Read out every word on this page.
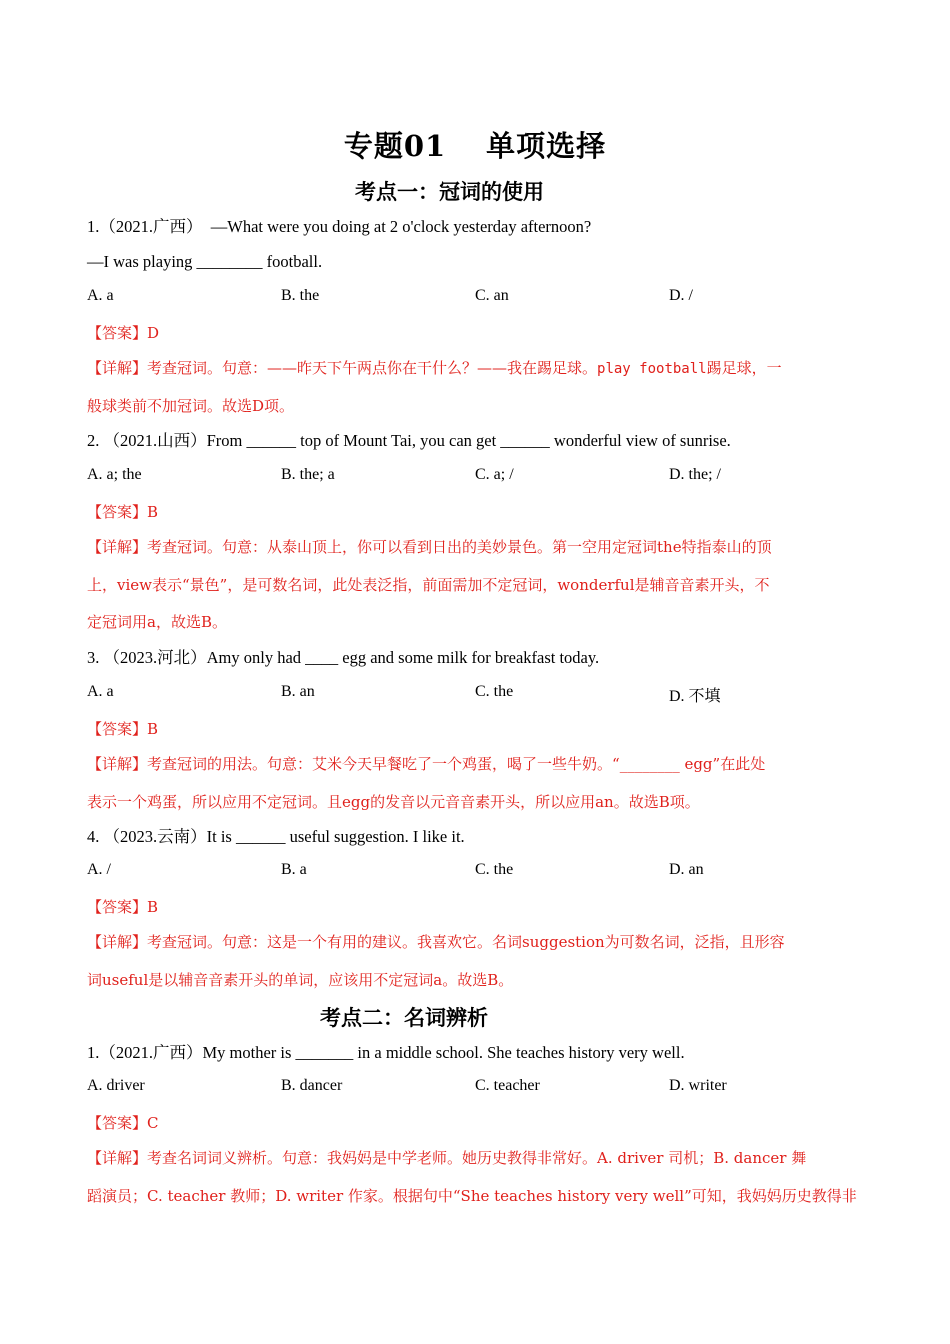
专题01 单项选择
考点一：冠词的使用
1.（2021.广西） —What were you doing at 2 o'clock yesterday afternoon?
—I was playing ________ football.
A. a	B. the	C. an	D. /
【答案】D
【详解】考查冠词。句意：——昨天下午两点你在干什么？——我在踢足球。play football踢足球，一
般球类前不加冠词。故选D项。
2. （2021.山西）From ______ top of Mount Tai, you can get ______ wonderful view of sunrise.
A. a; the	B. the; a	C. a; /	D. the; /
【答案】B
【详解】考查冠词。句意：从泰山顶上，你可以看到日出的美妙景色。第一空用定冠词the特指泰山的顶
上，view表示“景色”，是可数名词，此处表泛指，前面需加不定冠词，wonderful是辅音音素开头，不
定冠词用a，故选B。
3. （2023.河北）Amy only had ____ egg and some milk for breakfast today.
A. a	B. an	C. the	D. 不填
【答案】B
【详解】考查冠词的用法。句意：艾米今天早餐吃了一个鸡蛋，喝了一些牛奶。“________ egg”在此处
表示一个鸡蛋，所以应用不定冠词。且egg的发音以元音音素开头，所以应用an。故选B项。
4. （2023.云南）It is ______ useful suggestion. I like it.
A. /	B. a	C. the	D. an
【答案】B
【详解】考查冠词。句意：这是一个有用的建议。我喜欢它。名词suggestion为可数名词，泛指，且形容
词useful是以辅音音素开头的单词，应该用不定冠词a。故选B。
考点二：名词辨析
1.（2021.广西）My mother is _______ in a middle school. She teaches history very well.
A. driver	B. dancer	C. teacher	D. writer
【答案】C
【详解】考查名词词义辨析。句意：我妈妈是中学老师。她历史教得非常好。A. driver 司机；B. dancer 舞
蹈演员；C. teacher 教师；D. writer 作家。根据句中“She teaches history very well”可知，我妈妈历史教得非
